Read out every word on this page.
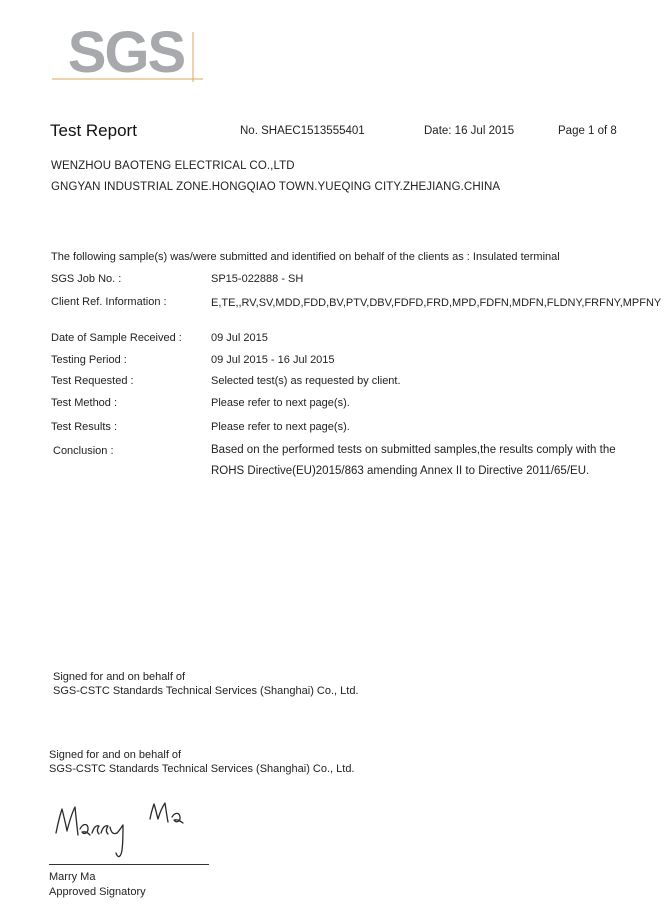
SGS
Test Report	No. SHAEC1513555401	Date: 16 Jul 2015	Page 1 of 8
WENZHOU BAOTENG ELECTRICAL CO.,LTD
GNGYAN INDUSTRIAL ZONE.HONGQIAO TOWN.YUEQING CITY.ZHEJIANG.CHINA
The following sample(s) was/were submitted and identified on behalf of the clients as : Insulated terminal
SGS Job No. :	SP15-022888 - SH
Client Ref. Information :	E,TE,,RV,SV,MDD,FDD,BV,PTV,DBV,FDFD,FRD,MPD,FDFN,MDFN,FLDNY,FRFNY,MPFNY
Date of Sample Received :	09 Jul 2015
Testing Period :	09 Jul 2015 - 16 Jul 2015
Test Requested :	Selected test(s) as requested by client.
Test Method :	Please refer to next page(s).
Test Results :	Please refer to next page(s).
Conclusion :	Based on the performed tests on submitted samples,the results comply with the ROHS Directive(EU)2015/863 amending Annex II to Directive 2011/65/EU.
Signed for and on behalf of
SGS-CSTC Standards Technical Services (Shanghai) Co., Ltd.
Signed for and on behalf of
SGS-CSTC Standards Technical Services (Shanghai) Co., Ltd.
Marry Ma
Approved Signatory
